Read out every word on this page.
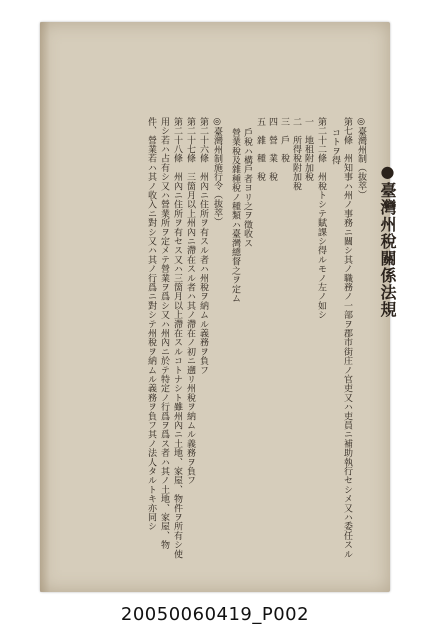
●臺灣州稅關係法規
◎臺灣州制（抜萃）
第七條　州知事ハ州ノ事務ニ關シ其ノ職務ノ一部ヲ郡市街庄ノ官吏又ハ吏員ニ補助執行セシメ又ハ委任スル
コトヲ得
第二十二條　州稅トシテ賦課シ得ルモノ左ノ如シ
一　地租附加稅
二　所得稅附加稅
三　戶　稅
四　營　業　稅
五　雜　種　稅
戶稅ハ構戶者ヨリ之ヲ徵收ス
營業稅及雜種稅ノ種類ハ臺灣總督之ヲ定ム
◎臺灣州制施行令（抜萃）
第二十六條　州內ニ住所ヲ有スル者ハ州稅ヲ納ムル義務ヲ負フ
第二十七條　三箇月以上州內ニ滯在スル者ハ其ノ滯在ノ初ニ遡リ州稅ヲ納ムル義務ヲ負フ
第二十八條　州內ニ住所ヲ有セス又ハ三箇月以上滯在スルコトナシト雖州內ニ土地、家屋、物件ヲ所有シ使
用シ若ハ占有シ又ハ營業所ヲ定メテ營業ヲ爲シ又ハ州內ニ於テ特定ノ行爲ヲ爲ス者ハ其ノ土地、家屋、物
件、營業若ハ其ノ收入ニ對シ又ハ其ノ行爲ニ對シテ州稅ヲ納ムル義務ヲ負フ其ノ法人タルトキ亦同シ
20050060419_P002
